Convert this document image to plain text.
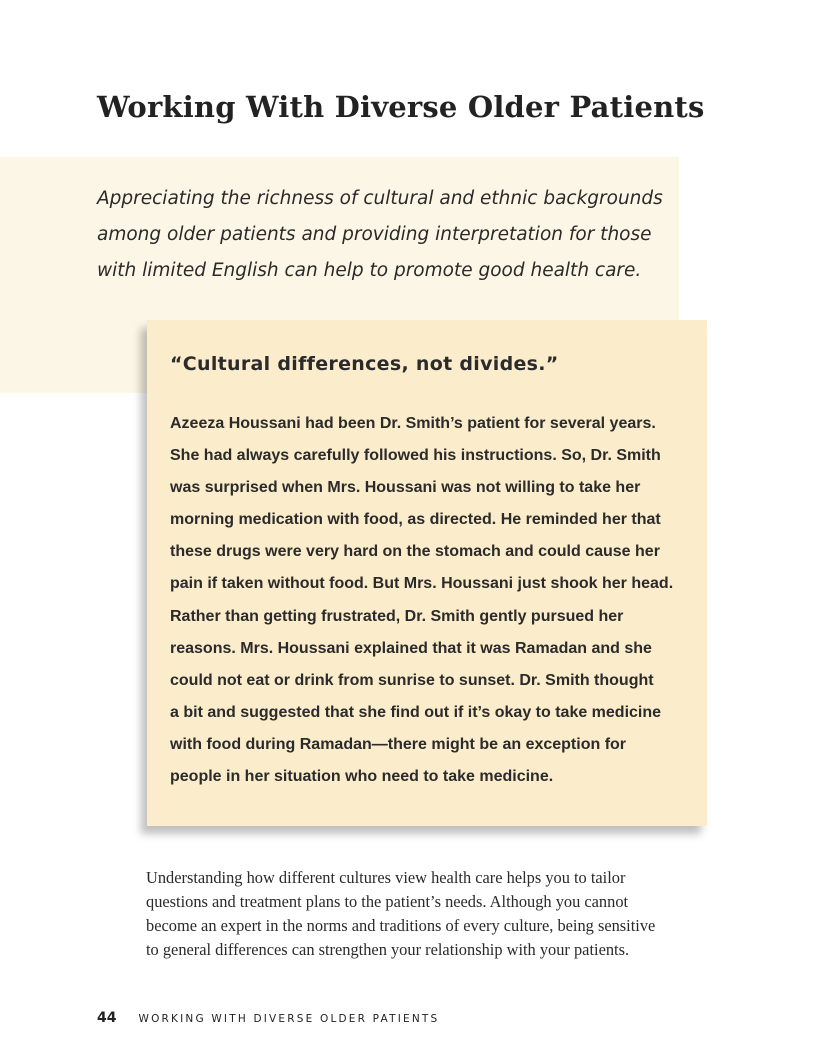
Working With Diverse Older Patients
Appreciating the richness of cultural and ethnic backgrounds
among older patients and providing interpretation for those
with limited English can help to promote good health care.
“Cultural differences, not divides.”
Azeeza Houssani had been Dr. Smith’s patient for several years.
She had always carefully followed his instructions. So, Dr. Smith
was surprised when Mrs. Houssani was not willing to take her
morning medication with food, as directed. He reminded her that
these drugs were very hard on the stomach and could cause her
pain if taken without food. But Mrs. Houssani just shook her head.
Rather than getting frustrated, Dr. Smith gently pursued her
reasons. Mrs. Houssani explained that it was Ramadan and she
could not eat or drink from sunrise to sunset. Dr. Smith thought
a bit and suggested that she find out if it’s okay to take medicine
with food during Ramadan—there might be an exception for
people in her situation who need to take medicine.
Understanding how different cultures view health care helps you to tailor
questions and treatment plans to the patient’s needs. Although you cannot
become an expert in the norms and traditions of every culture, being sensitive
to general differences can strengthen your relationship with your patients.
44 WORKING WITH DIVERSE OLDER PATIENTS
